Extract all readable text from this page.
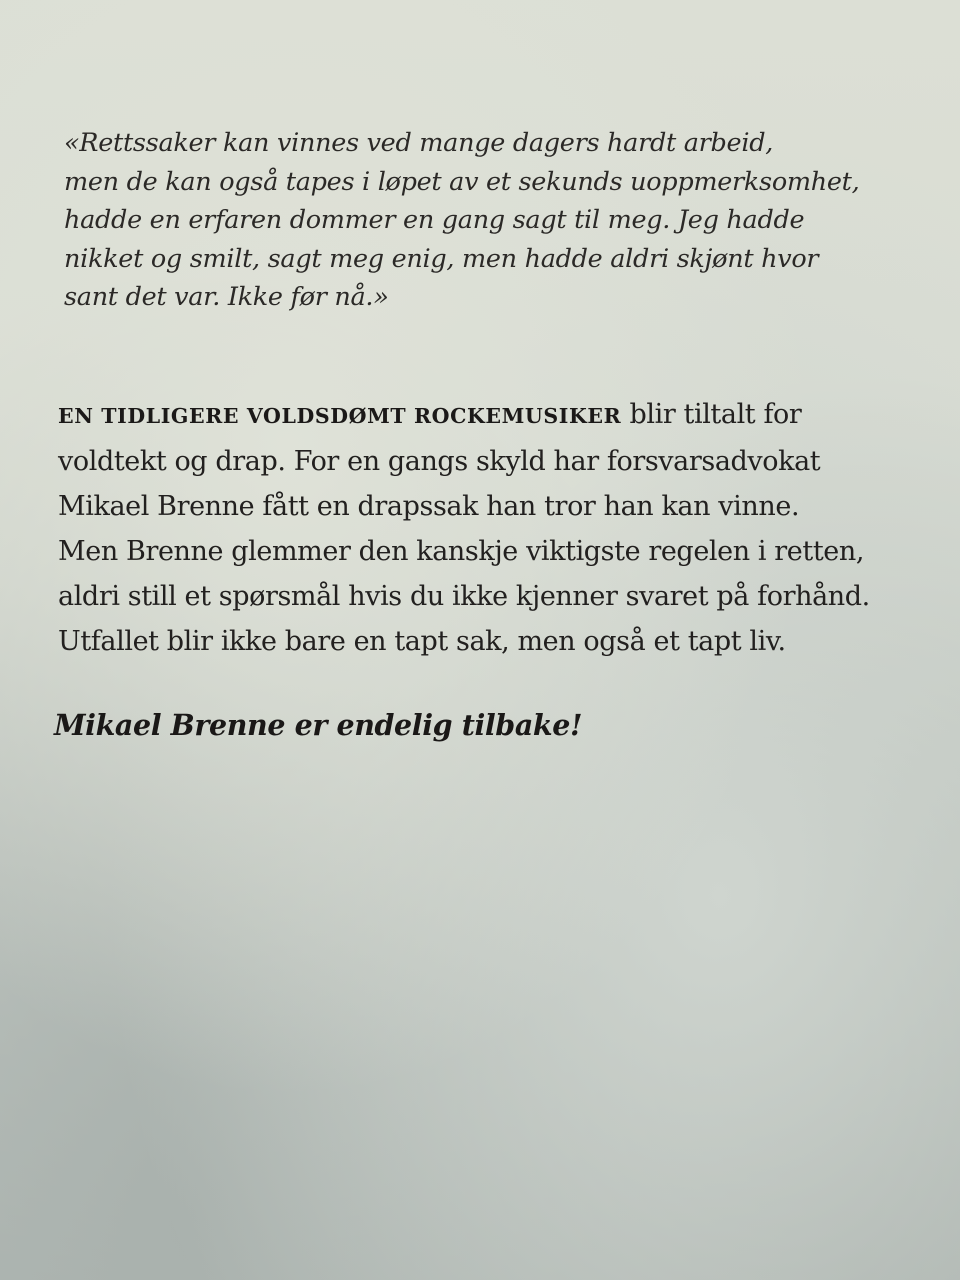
«Rettssaker kan vinnes ved mange dagers hardt arbeid,
men de kan også tapes i løpet av et sekunds uoppmerksomhet,
hadde en erfaren dommer en gang sagt til meg. Jeg hadde
nikket og smilt, sagt meg enig, men hadde aldri skjønt hvor
sant det var. Ikke før nå.»

EN TIDLIGERE VOLDSDØMT ROCKEMUSIKER blir tiltalt for
voldtekt og drap. For en gangs skyld har forsvarsadvokat
Mikael Brenne fått en drapssak han tror han kan vinne.
Men Brenne glemmer den kanskje viktigste regelen i retten,
aldri still et spørsmål hvis du ikke kjenner svaret på forhånd.
Utfallet blir ikke bare en tapt sak, men også et tapt liv.

Mikael Brenne er endelig tilbake!
